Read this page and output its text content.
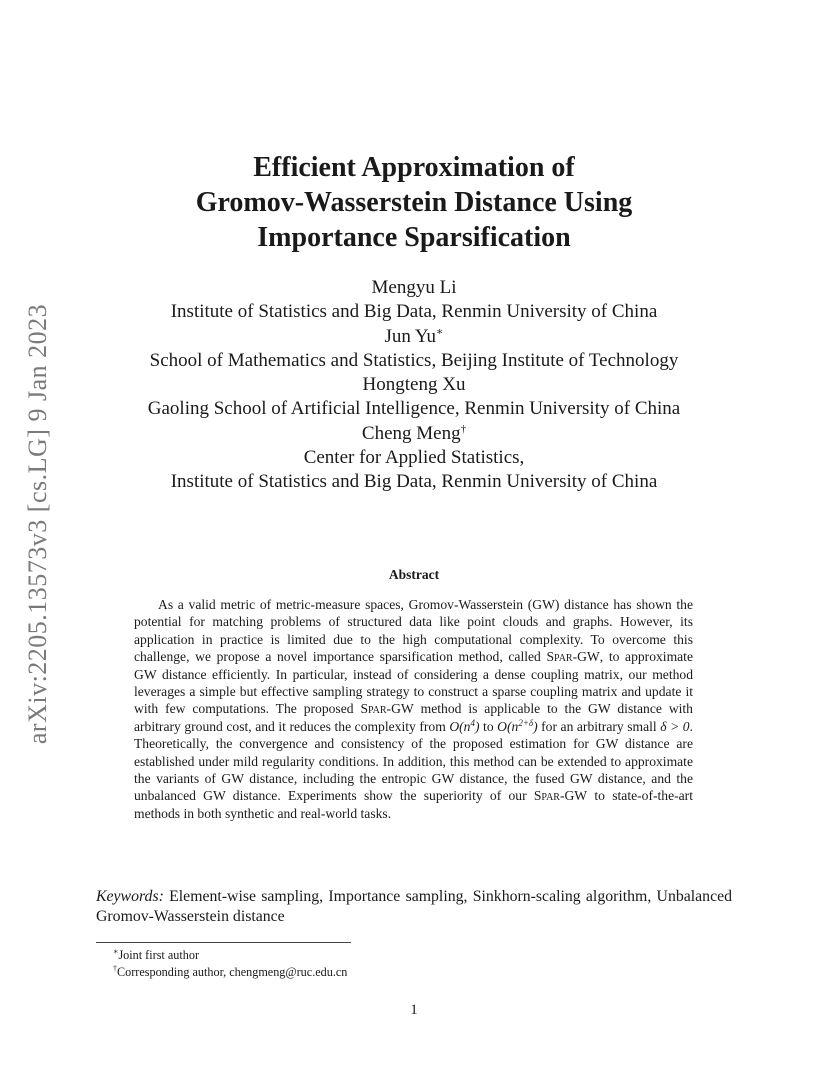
arXiv:2205.13573v3 [cs.LG] 9 Jan 2023
Efficient Approximation of
Gromov-Wasserstein Distance Using
Importance Sparsification
Mengyu Li
Institute of Statistics and Big Data, Renmin University of China
Jun Yu∗
School of Mathematics and Statistics, Beijing Institute of Technology
Hongteng Xu
Gaoling School of Artificial Intelligence, Renmin University of China
Cheng Meng†
Center for Applied Statistics,
Institute of Statistics and Big Data, Renmin University of China
Abstract
As a valid metric of metric-measure spaces, Gromov-Wasserstein (GW) distance has shown the potential for matching problems of structured data like point clouds and graphs. However, its application in practice is limited due to the high computational complexity. To overcome this challenge, we propose a novel importance sparsification method, called Spar-GW, to approximate GW distance efficiently. In particular, instead of considering a dense coupling matrix, our method leverages a simple but effective sampling strategy to construct a sparse coupling matrix and update it with few computations. The proposed Spar-GW method is applicable to the GW distance with arbitrary ground cost, and it reduces the complexity from $O(n^4)$ to $O(n^{2+\delta})$ for an arbitrary small δ > 0. Theoretically, the convergence and consistency of the proposed estimation for GW distance are established under mild regularity conditions. In addition, this method can be extended to approximate the variants of GW distance, including the entropic GW distance, the fused GW distance, and the unbalanced GW distance. Experiments show the superiority of our Spar-GW to state-of-the-art methods in both synthetic and real-world tasks.
Keywords: Element-wise sampling, Importance sampling, Sinkhorn-scaling algorithm, Unbalanced Gromov-Wasserstein distance
∗Joint first author
†Corresponding author, chengmeng@ruc.edu.cn
1
